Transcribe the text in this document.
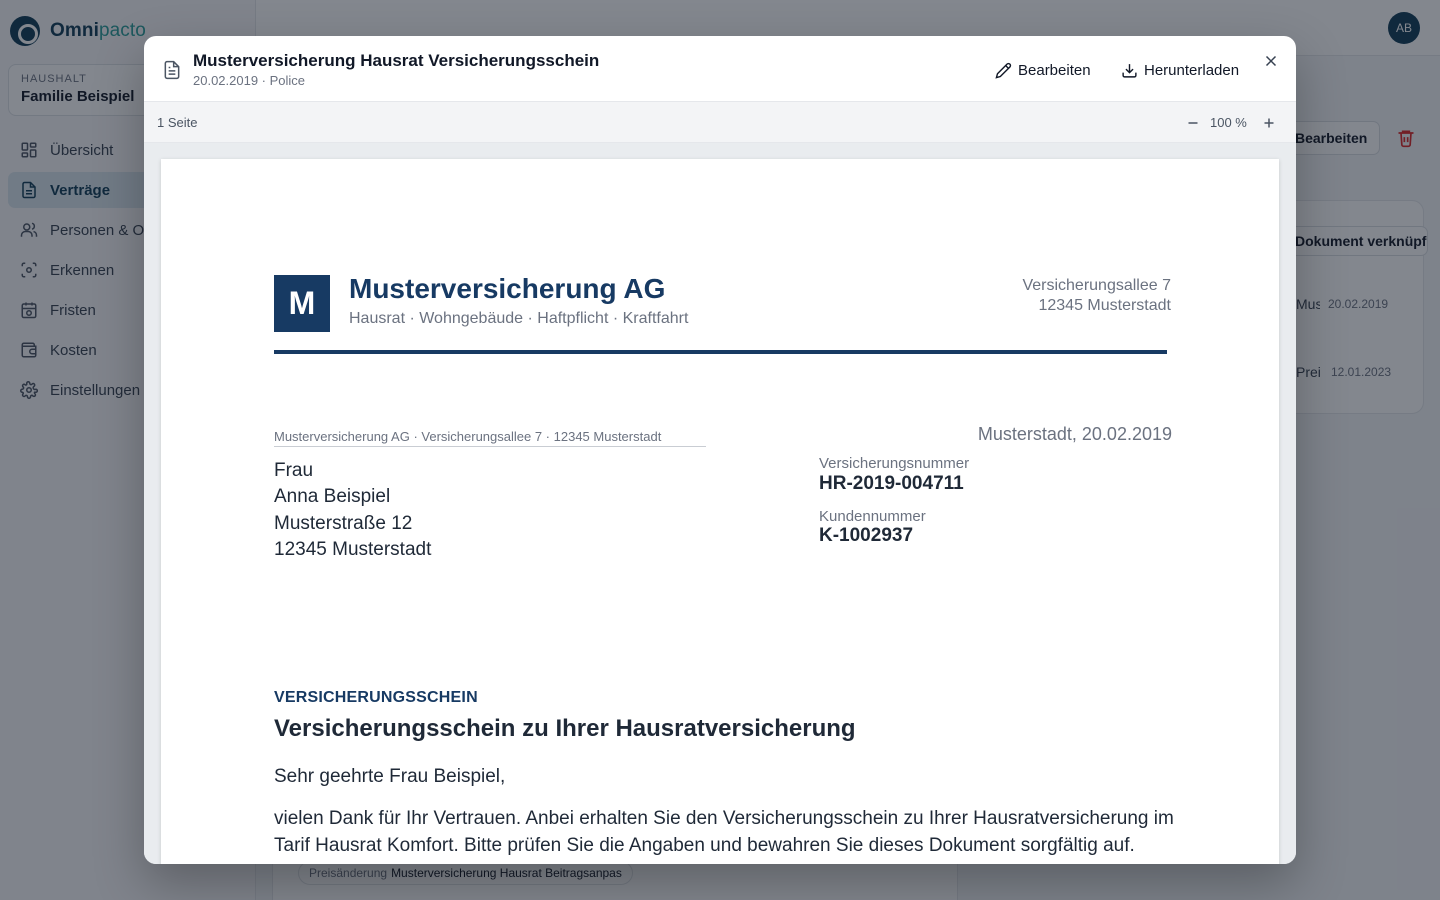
Musterversicherung Hausrat Versicherungsschein
20.02.2019 · Police
Bearbeiten	Herunterladen
1 Seite	100 %
M	Musterversicherung AG
Hausrat · Wohngebäude · Haftpflicht · Kraftfahrt
Versicherungsallee 7
12345 Musterstadt
Musterversicherung AG · Versicherungsallee 7 · 12345 Musterstadt
Frau
Anna Beispiel
Musterstraße 12
12345 Musterstadt
Musterstadt, 20.02.2019
Versicherungsnummer
HR-2019-004711
Kundennummer
K-1002937
VERSICHERUNGSSCHEIN
Versicherungsschein zu Ihrer Hausratversicherung
Sehr geehrte Frau Beispiel,
vielen Dank für Ihr Vertrauen. Anbei erhalten Sie den Versicherungsschein zu Ihrer Hausratversicherung im Tarif Hausrat Komfort. Bitte prüfen Sie die Angaben und bewahren Sie dieses Dokument sorgfältig auf.
